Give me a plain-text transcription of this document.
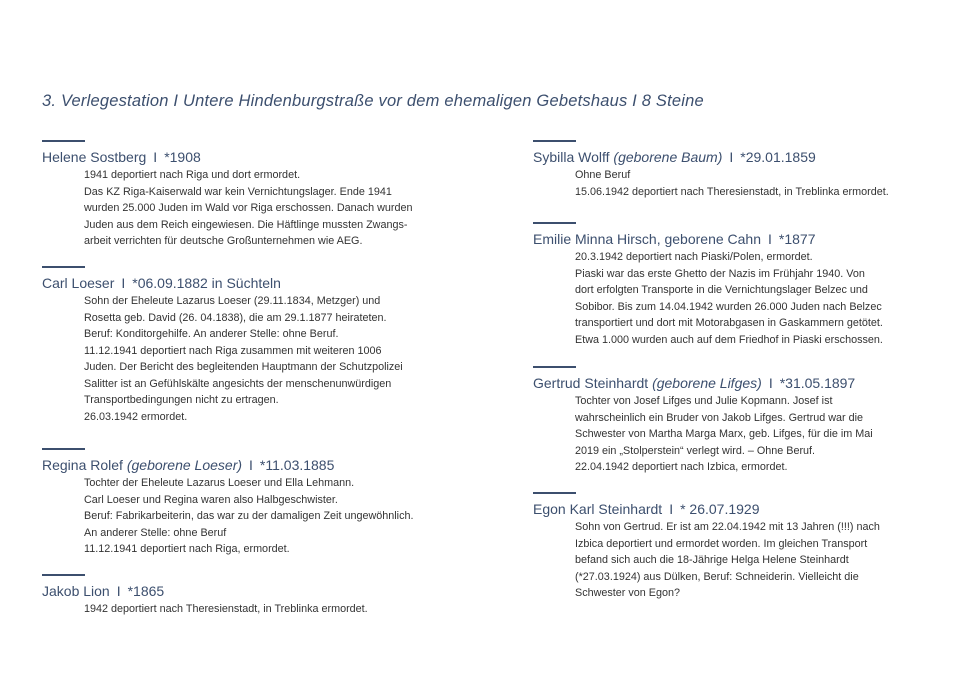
3. Verlegestation I Untere Hindenburgstraße vor dem ehemaligen Gebetshaus I 8 Steine
Helene Sostberg I *1908
1941 deportiert nach Riga und dort ermordet.
Das KZ Riga-Kaiserwald war kein Vernichtungslager. Ende 1941
wurden 25.000 Juden im Wald vor Riga erschossen. Danach wurden
Juden aus dem Reich eingewiesen. Die Häftlinge mussten Zwangs-
arbeit verrichten für deutsche Großunternehmen wie AEG.
Carl Loeser I *06.09.1882 in Süchteln
Sohn der Eheleute Lazarus Loeser (29.11.1834, Metzger) und
Rosetta geb. David (26. 04.1838), die am 29.1.1877 heirateten.
Beruf: Konditorgehilfe. An anderer Stelle: ohne Beruf.
11.12.1941 deportiert nach Riga zusammen mit weiteren 1006
Juden. Der Bericht des begleitenden Hauptmann der Schutzpolizei
Salitter ist an Gefühlskälte angesichts der menschenunwürdigen
Transportbedingungen nicht zu ertragen.
26.03.1942 ermordet.
Regina Rolef (geborene Loeser) I *11.03.1885
Tochter der Eheleute Lazarus Loeser und Ella Lehmann.
Carl Loeser und Regina waren also Halbgeschwister.
Beruf: Fabrikarbeiterin, das war zu der damaligen Zeit ungewöhnlich.
An anderer Stelle: ohne Beruf
11.12.1941 deportiert nach Riga, ermordet.
Jakob Lion I *1865
1942 deportiert nach Theresienstadt, in Treblinka ermordet.
Sybilla Wolff (geborene Baum) I *29.01.1859
Ohne Beruf
15.06.1942 deportiert nach Theresienstadt, in Treblinka ermordet.
Emilie Minna Hirsch, geborene Cahn I *1877
20.3.1942 deportiert nach Piaski/Polen, ermordet.
Piaski war das erste Ghetto der Nazis im Frühjahr 1940. Von
dort erfolgten Transporte in die Vernichtungslager Belzec und
Sobibor. Bis zum 14.04.1942 wurden 26.000 Juden nach Belzec
transportiert und dort mit Motorabgasen in Gaskammern getötet.
Etwa 1.000 wurden auch auf dem Friedhof in Piaski erschossen.
Gertrud Steinhardt (geborene Lifges) I *31.05.1897
Tochter von Josef Lifges und Julie Kopmann. Josef ist
wahrscheinlich ein Bruder von Jakob Lifges. Gertrud war die
Schwester von Martha Marga Marx, geb. Lifges, für die im Mai
2019 ein „Stolperstein“ verlegt wird. – Ohne Beruf.
22.04.1942 deportiert nach Izbica, ermordet.
Egon Karl Steinhardt I * 26.07.1929
Sohn von Gertrud. Er ist am 22.04.1942 mit 13 Jahren (!!!) nach
Izbica deportiert und ermordet worden. Im gleichen Transport
befand sich auch die 18-Jährige Helga Helene Steinhardt
(*27.03.1924) aus Dülken, Beruf: Schneiderin. Vielleicht die
Schwester von Egon?
